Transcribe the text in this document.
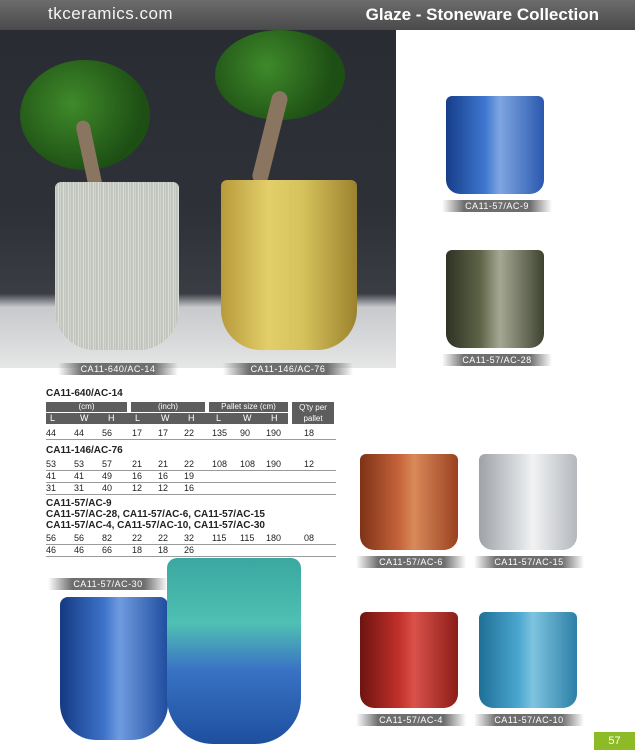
tkceramics.com	Glaze - Stoneware Collection
CA11-640/AC-14	CA11-146/AC-76
CA11-57/AC-9
CA11-57/AC-28
CA11-640/AC-14
(cm)	(inch)	Pallet size (cm)	Q'ty per
pallet
L	W H L W H L W H
44 44 56 17 17 22 135 90 190	18
CA11-146/AC-76
53 53 57 21 21 22 108 108 190	12
41 41 49 16 16 19
31 31 40 12 12 16
CA11-57/AC-9
CA11-57/AC-28, CA11-57/AC-6, CA11-57/AC-15
CA11-57/AC-4, CA11-57/AC-10, CA11-57/AC-30
56 56 82 22 22 32 115 115 180	08
46 46 66 18 18 26
CA11-57/AC-6	CA11-57/AC-15
CA11-57/AC-30
CA11-57/AC-4	CA11-57/AC-10
57
